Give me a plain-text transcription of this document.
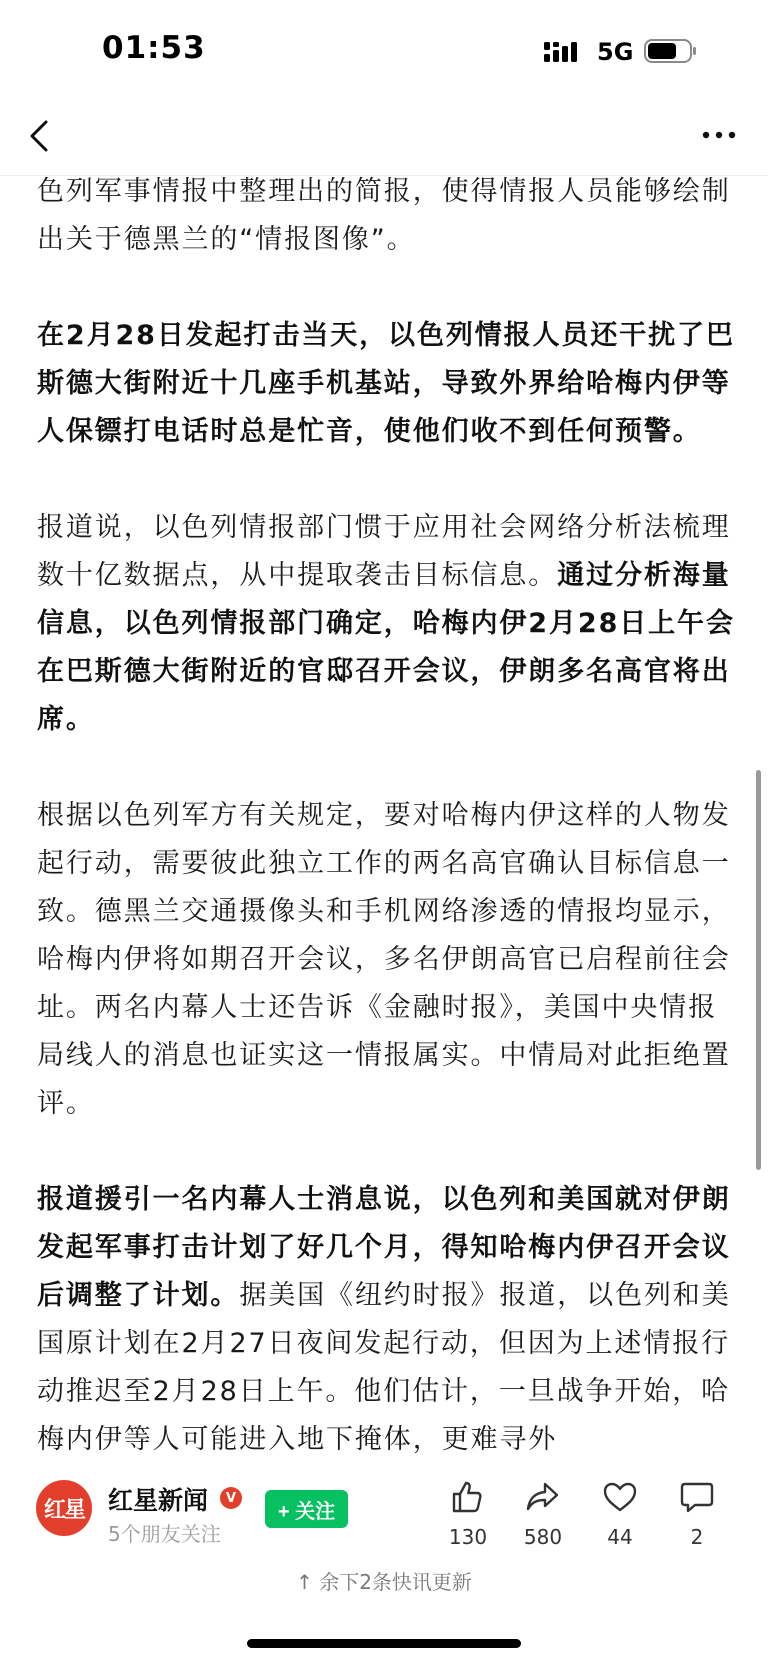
01:53	5G

色列军事情报中整理出的简报，使得情报人员能够绘制出关于德黑兰的“情报图像”。

在2月28日发起打击当天，以色列情报人员还干扰了巴斯德大街附近十几座手机基站，导致外界给哈梅内伊等人保镖打电话时总是忙音，使他们收不到任何预警。

报道说，以色列情报部门惯于应用社会网络分析法梳理数十亿数据点，从中提取袭击目标信息。通过分析海量信息，以色列情报部门确定，哈梅内伊2月28日上午会在巴斯德大街附近的官邸召开会议，伊朗多名高官将出席。

根据以色列军方有关规定，要对哈梅内伊这样的人物发起行动，需要彼此独立工作的两名高官确认目标信息一致。德黑兰交通摄像头和手机网络渗透的情报均显示，哈梅内伊将如期召开会议，多名伊朗高官已启程前往会址。两名内幕人士还告诉《金融时报》，美国中央情报局线人的消息也证实这一情报属实。中情局对此拒绝置评。

报道援引一名内幕人士消息说，以色列和美国就对伊朗发起军事打击计划了好几个月，得知哈梅内伊召开会议后调整了计划。据美国《纽约时报》报道，以色列和美国原计划在2月27日夜间发起行动，但因为上述情报行动推迟至2月28日上午。他们估计，一旦战争开始，哈梅内伊等人可能进入地下掩体，更难寻外

红星 红星新闻	V
5个朋友关注
+ 关注
130	580	44	2
↑ 余下2条快讯更新
